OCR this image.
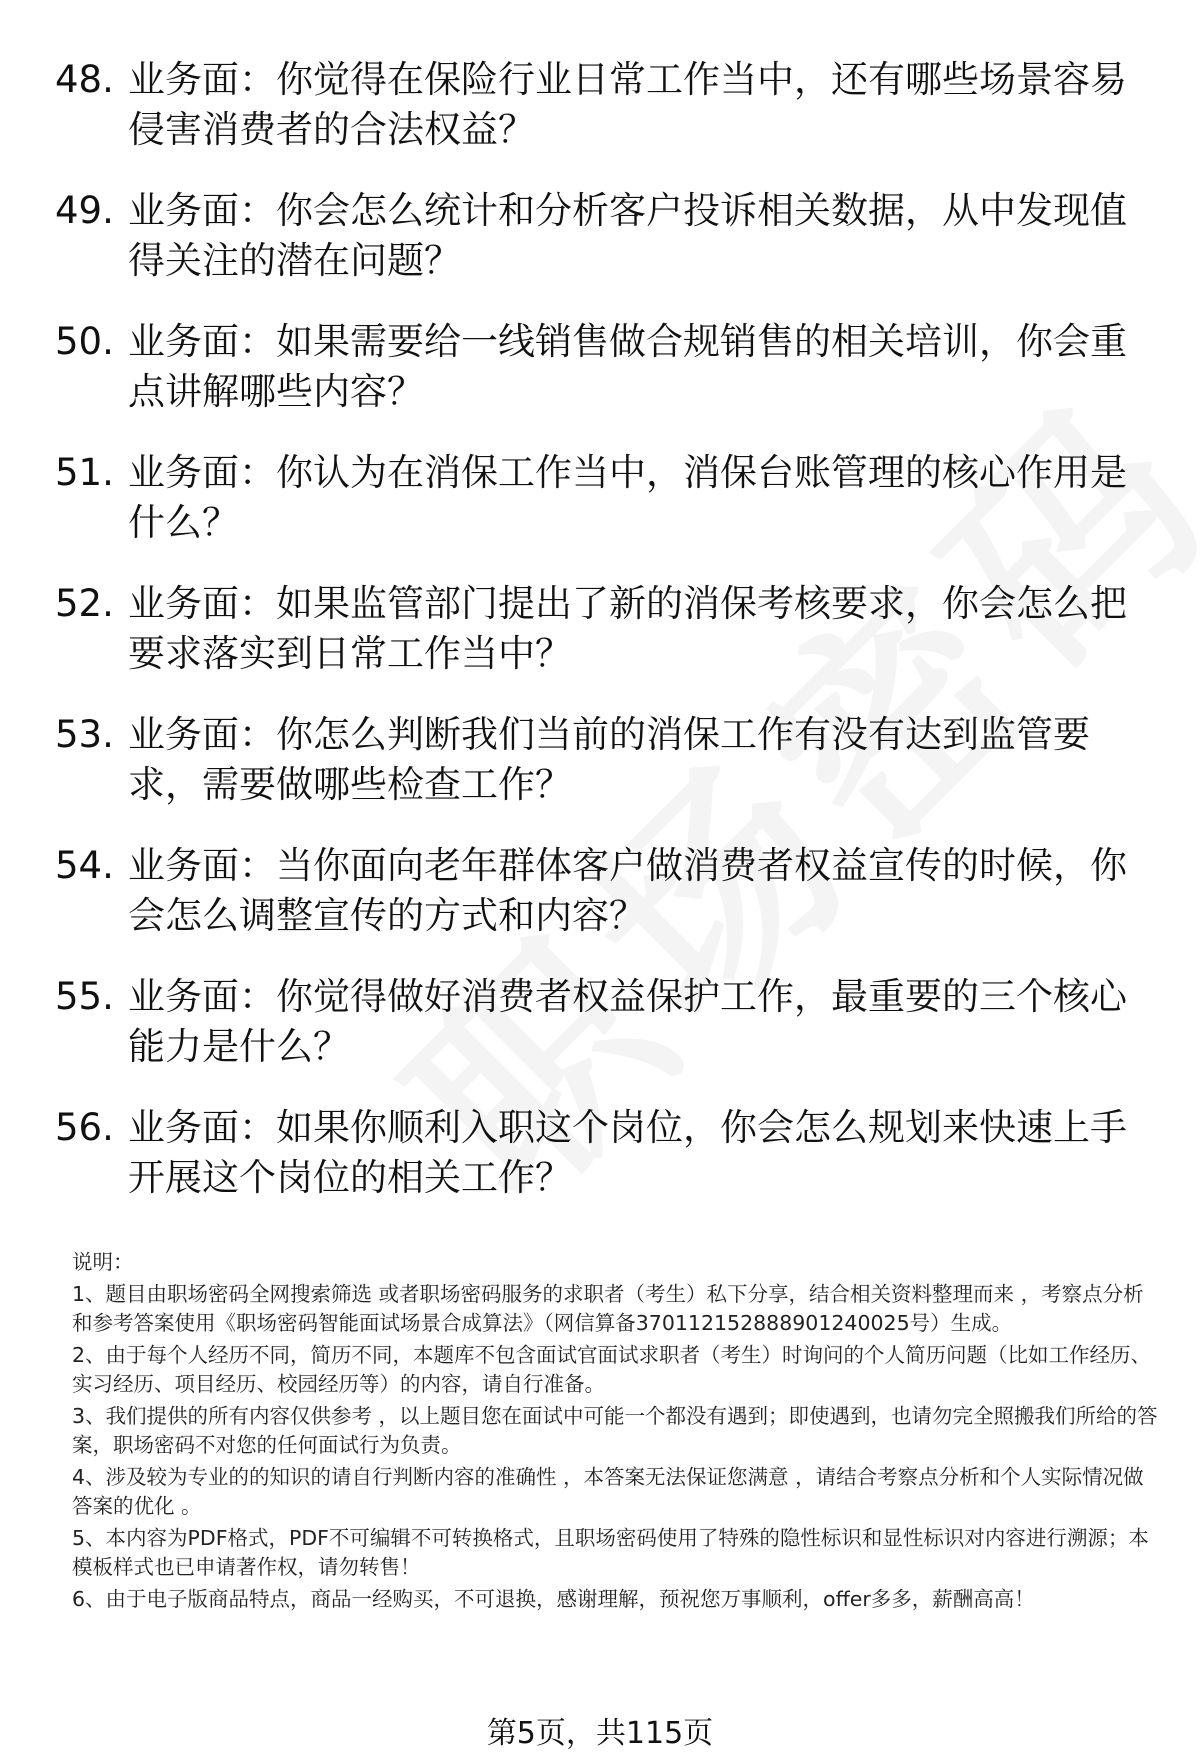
48. 业务面：你觉得在保险行业日常工作当中，还有哪些场景容易侵害消费者的合法权益？
49. 业务面：你会怎么统计和分析客户投诉相关数据，从中发现值得关注的潜在问题？
50. 业务面：如果需要给一线销售做合规销售的相关培训，你会重点讲解哪些内容？
51. 业务面：你认为在消保工作当中，消保台账管理的核心作用是什么？
52. 业务面：如果监管部门提出了新的消保考核要求，你会怎么把要求落实到日常工作当中？
53. 业务面：你怎么判断我们当前的消保工作有没有达到监管要求，需要做哪些检查工作？
54. 业务面：当你面向老年群体客户做消费者权益宣传的时候，你会怎么调整宣传的方式和内容？
55. 业务面：你觉得做好消费者权益保护工作，最重要的三个核心能力是什么？
56. 业务面：如果你顺利入职这个岗位，你会怎么规划来快速上手开展这个岗位的相关工作？

说明：

1、题目由职场密码全网搜索筛选 或者职场密码服务的求职者（考生）私下分享，结合相关资料整理而来 ，考察点分析和参考答案使用《职场密码智能面试场景合成算法》（网信算备370112152888901240025号）生成。

2、由于每个人经历不同，简历不同，本题库不包含面试官面试求职者（考生）时询问的个人简历问题（比如工作经历、实习经历、项目经历、校园经历等）的内容，请自行准备。

3、我们提供的所有内容仅供参考 ，以上题目您在面试中可能一个都没有遇到；即使遇到，也请勿完全照搬我们所给的答案，职场密码不对您的任何面试行为负责。

4、涉及较为专业的的知识的请自行判断内容的准确性 ，本答案无法保证您满意 ，请结合考察点分析和个人实际情况做答案的优化 。

5、本内容为PDF格式，PDF不可编辑不可转换格式，且职场密码使用了特殊的隐性标识和显性标识对内容进行溯源；本模板样式也已申请著作权，请勿转售！

6、由于电子版商品特点，商品一经购买，不可退换，感谢理解，预祝您万事顺利，offer多多，薪酬高高！

第5页，共115页
